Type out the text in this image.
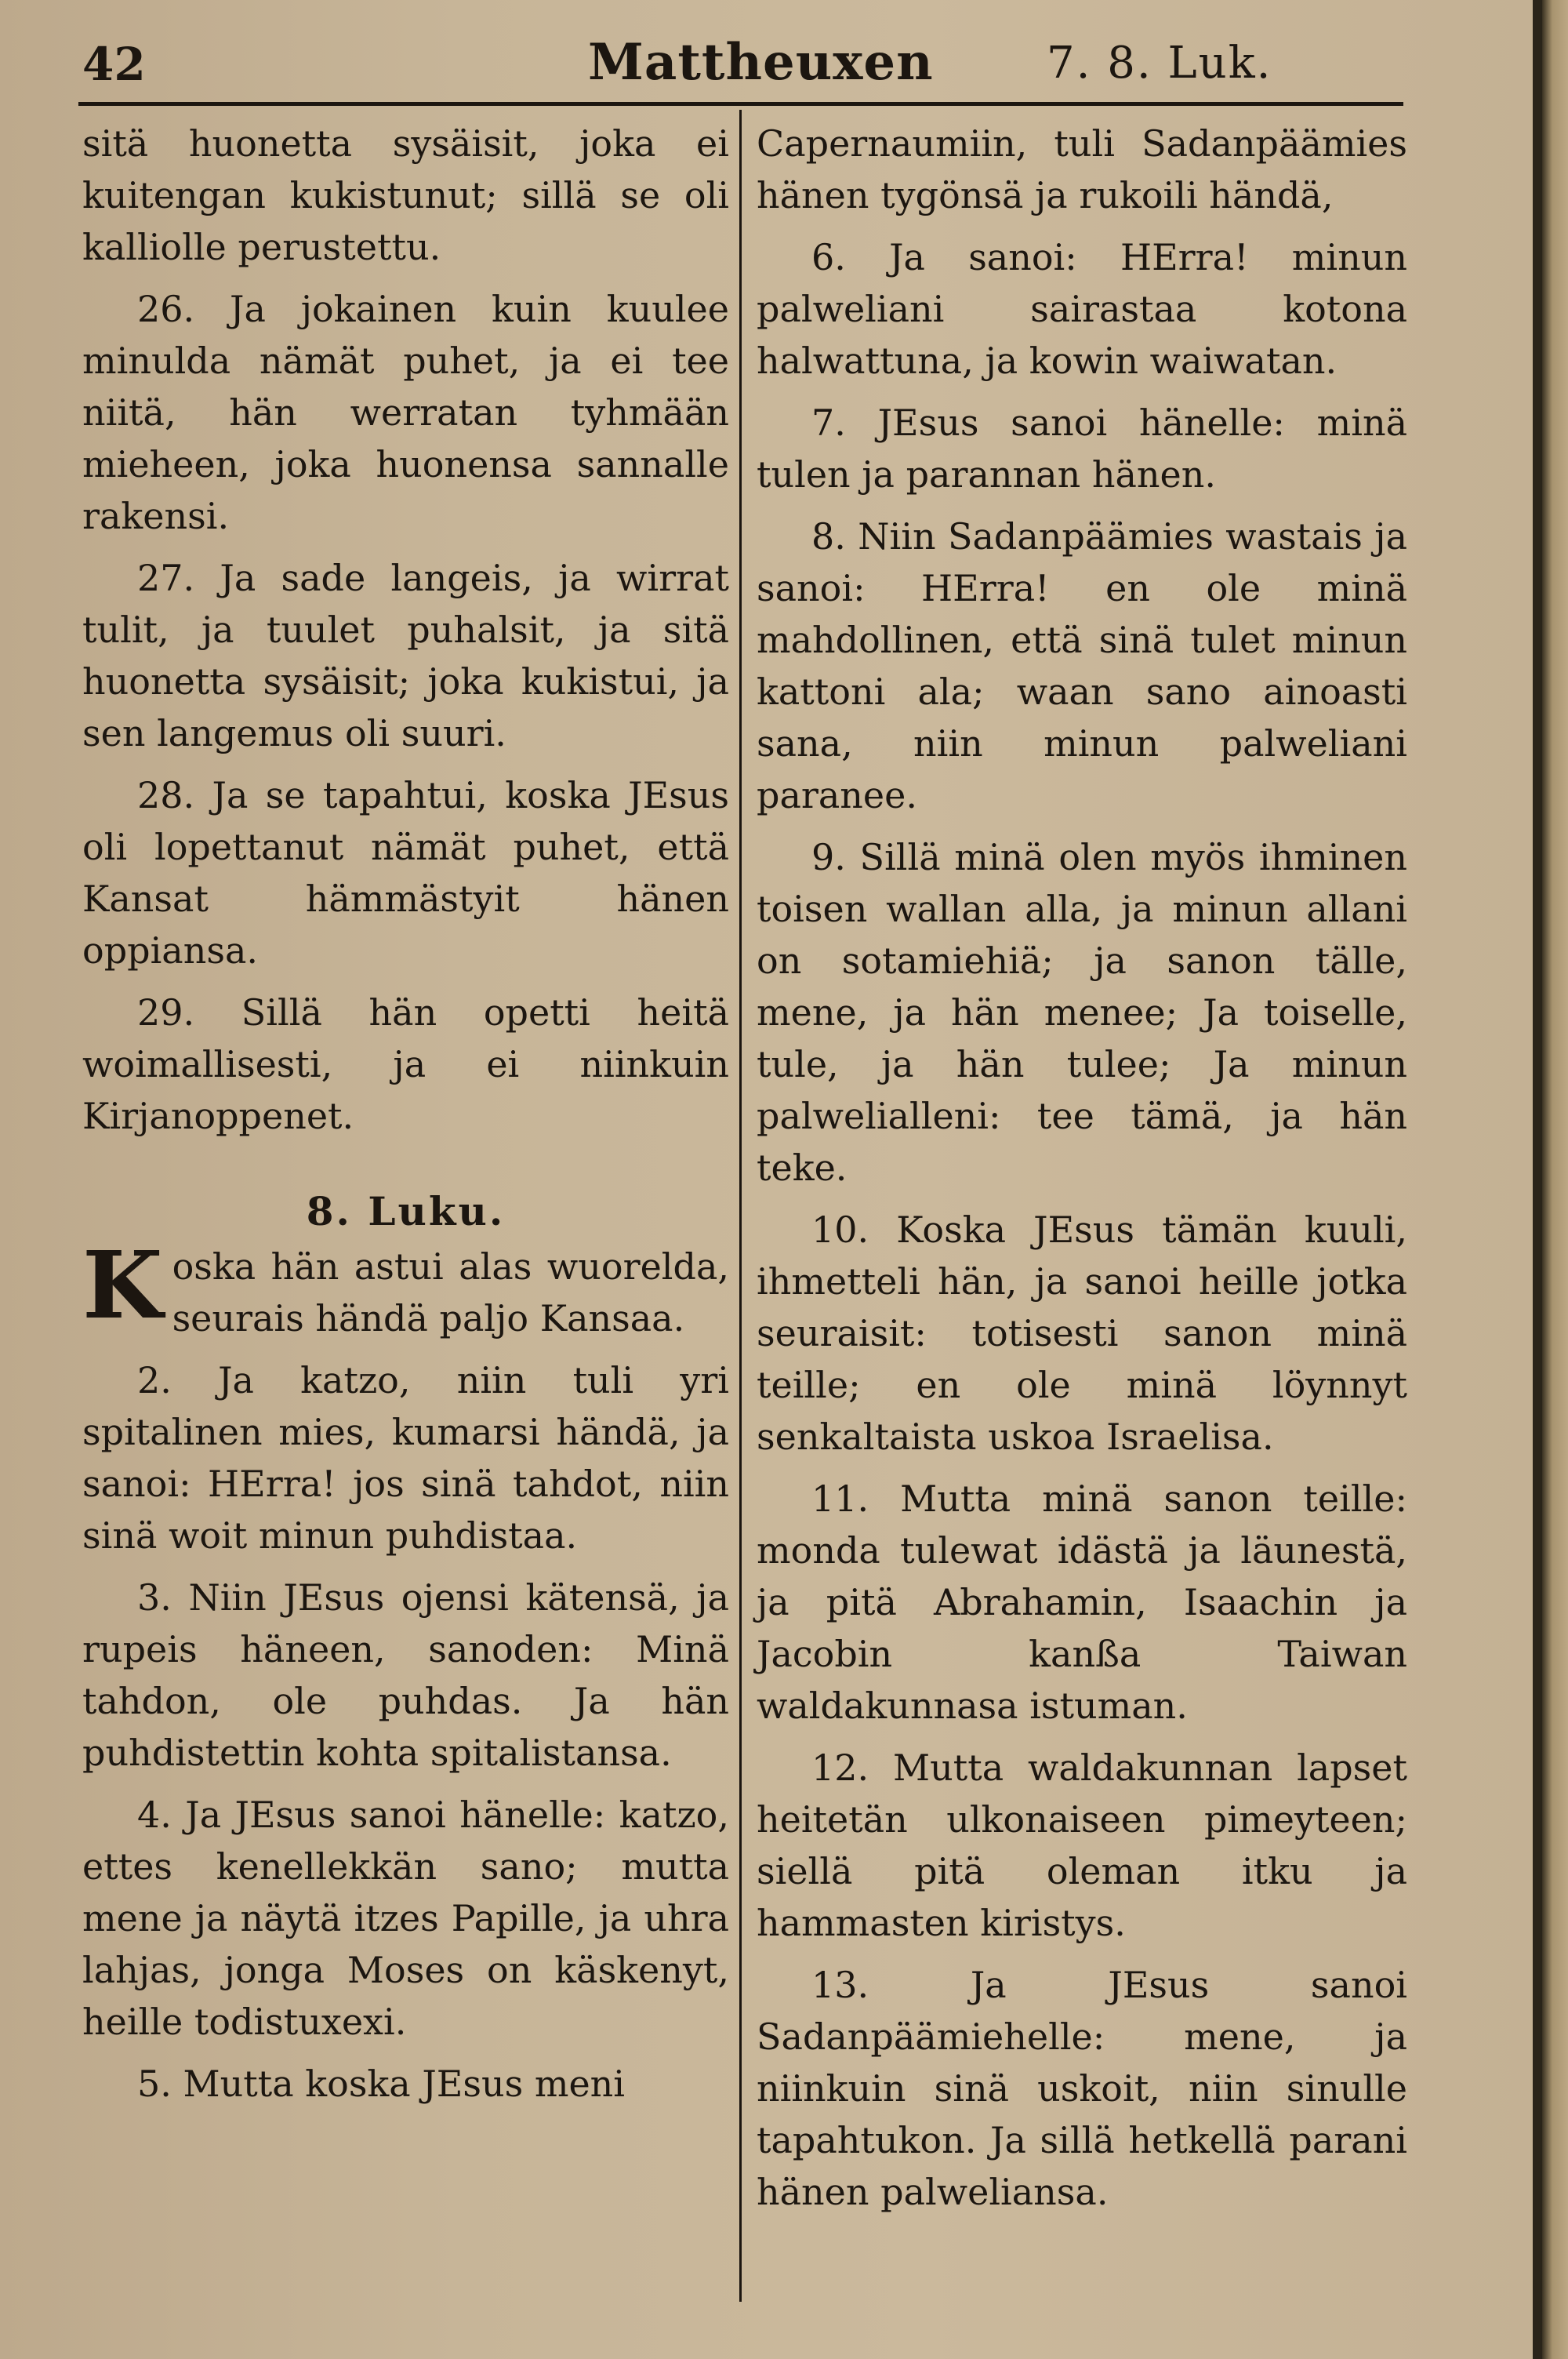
42	Mattheuxen	7. 8. Luk.

sitä huonetta sysäisit, joka ei kuitengan kukistunut; sillä se oli kalliolle perustettu.

26. Ja jokainen kuin kuulee minulda nämät puhet, ja ei tee niitä, hän werratan tyhmään mieheen, joka huonensa sannalle rakensi.

27. Ja sade langeis, ja wirrat tulit, ja tuulet puhalsit, ja sitä huonetta sysäisit; joka kukistui, ja sen langemus oli suuri.

28. Ja se tapahtui, koska JEsus oli lopettanut nämät puhet, että Kansat hämmästyit hänen oppiansa.

29. Sillä hän opetti heitä woimallisesti, ja ei niinkuin Kirjanoppenet.

8. Luku.

Koska hän astui alas wuorelda, seurais händä paljo Kansaa.

2. Ja katzo, niin tuli yri spitalinen mies, kumarsi händä, ja sanoi: HErra! jos sinä tahdot, niin sinä woit minun puhdistaa.

3. Niin JEsus ojensi kätensä, ja rupeis häneen, sanoden: Minä tahdon, ole puhdas. Ja hän puhdistettin kohta spitalistansa.

4. Ja JEsus sanoi hänelle: katzo, ettes kenellekkän sano; mutta mene ja näytä itzes Papille, ja uhra lahjas, jonga Moses on käskenyt, heille todistuxexi.

5. Mutta koska JEsus meni

Capernaumiin, tuli Sadanpäämies hänen tygönsä ja rukoili händä,

6. Ja sanoi: HErra! minun palweliani sairastaa kotona halwattuna, ja kowin waiwatan.

7. JEsus sanoi hänelle: minä tulen ja parannan hänen.

8. Niin Sadanpäämies wastais ja sanoi: HErra! en ole minä mahdollinen, että sinä tulet minun kattoni ala; waan sano ainoasti sana, niin minun palweliani paranee.

9. Sillä minä olen myös ihminen toisen wallan alla, ja minun allani on sotamiehiä; ja sanon tälle, mene, ja hän menee; Ja toiselle, tule, ja hän tulee; Ja minun palwelialleni: tee tämä, ja hän teke.

10. Koska JEsus tämän kuuli, ihmetteli hän, ja sanoi heille jotka seuraisit: totisesti sanon minä teille; en ole minä löynnyt senkaltaista uskoa Israelisa.

11. Mutta minä sanon teille: monda tulewat idästä ja läunestä, ja pitä Abrahamin, Isaachin ja Jacobin kanßa Taiwan waldakunnasa istuman.

12. Mutta waldakunnan lapset heitetän ulkonaiseen pimeyteen; siellä pitä oleman itku ja hammasten kiristys.

13. Ja JEsus sanoi Sadanpäämiehelle: mene, ja niinkuin sinä uskoit, niin sinulle tapahtukon. Ja sillä hetkellä parani hänen palweliansa.
